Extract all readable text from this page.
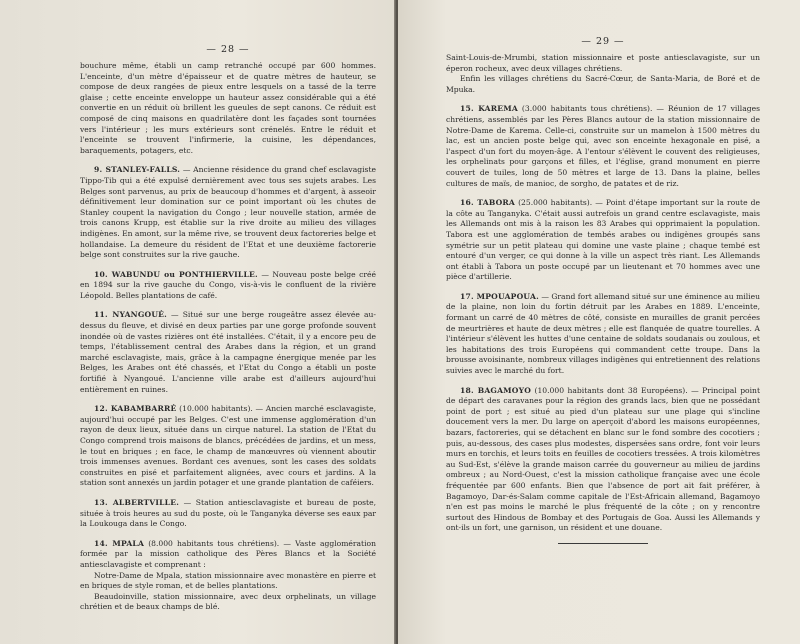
— 28 —

bouchure même, établi un camp retranché occupé par 600 hommes. L'enceinte, d'un mètre d'épaisseur et de quatre mètres de hauteur, se compose de deux rangées de pieux entre lesquels on a tassé de la terre glaise ; cette enceinte enveloppe un hauteur assez considérable qui a été convertie en un réduit où brillent les gueules de sept canons. Ce réduit est composé de cinq maisons en quadrilatère dont les façades sont tournées vers l'intérieur ; les murs extérieurs sont crénelés. Entre le réduit et l'enceinte se trouvent l'infirmerie, la cuisine, les dépendances, baraquements, potagers, etc.

9. STANLEY-FALLS. — Ancienne résidence du grand chef esclavagiste Tippo-Tib qui a été expulsé dernièrement avec tous ses sujets arabes. Les Belges sont parvenus, au prix de beaucoup d'hommes et d'argent, à asseoir définitivement leur domination sur ce point important où les chutes de Stanley coupent la navigation du Congo ; leur nouvelle station, armée de trois canons Krupp, est établie sur la rive droite au milieu des villages indigènes. En amont, sur la même rive, se trouvent deux factoreries belge et hollandaise. La demeure du résident de l'Etat et une deuxième factorerie belge sont construites sur la rive gauche.

10. WABUNDU ou PONTHIERVILLE. — Nouveau poste belge créé en 1894 sur la rive gauche du Congo, vis-à-vis le confluent de la rivière Léopold. Belles plantations de café.

11. NYANGOUÉ. — Situé sur une berge rougeâtre assez élevée au-dessus du fleuve, et divisé en deux parties par une gorge profonde souvent inondée où de vastes rizières ont été installées. C'était, il y a encore peu de temps, l'établissement central des Arabes dans la région, et un grand marché esclavagiste, mais, grâce à la campagne énergique menée par les Belges, les Arabes ont été chassés, et l'Etat du Congo a établi un poste fortifié à Nyangoué. L'ancienne ville arabe est d'ailleurs aujourd'hui entièrement en ruines.

12. KABAMBARRÉ (10.000 habitants). — Ancien marché esclavagiste, aujourd'hui occupé par les Belges. C'est une immense agglomération d'un rayon de deux lieux, située dans un cirque naturel. La station de l'Etat du Congo comprend trois maisons de blancs, précédées de jardins, et un mess, le tout en briques ; en face, le champ de manœuvres où viennent aboutir trois immenses avenues. Bordant ces avenues, sont les cases des soldats construites en pisé et parfaitement alignées, avec cours et jardins. A la station sont annexés un jardin potager et une grande plantation de caféiers.

13. ALBERTVILLE. — Station antiesclavagiste et bureau de poste, située à trois heures au sud du poste, où le Tanganyka déverse ses eaux par la Loukouga dans le Congo.

14. MPALA (8.000 habitants tous chrétiens). — Vaste agglomération formée par la mission catholique des Pères Blancs et la Société antiesclavagiste et comprenant :
Notre-Dame de Mpala, station missionnaire avec monastère en pierre et en briques de style roman, et de belles plantations.
Beaudoinville, station missionnaire, avec deux orphelinats, un village chrétien et de beaux champs de blé.

— 29 —

Saint-Louis-de-Mrumbi, station missionnaire et poste antiesclavagiste, sur un éperon rocheux, avec deux villages chrétiens.
Enfin les villages chrétiens du Sacré-Cœur, de Santa-Maria, de Boré et de Mpuka.

15. KAREMA (3.000 habitants tous chrétiens). — Réunion de 17 villages chrétiens, assemblés par les Pères Blancs autour de la station missionnaire de Notre-Dame de Karema. Celle-ci, construite sur un mamelon à 1500 mètres du lac, est un ancien poste belge qui, avec son enceinte hexagonale en pisé, a l'aspect d'un fort du moyen-âge. A l'entour s'élèvent le couvent des religieuses, les orphelinats pour garçons et filles, et l'église, grand monument en pierre couvert de tuiles, long de 50 mètres et large de 13. Dans la plaine, belles cultures de maïs, de manioc, de sorgho, de patates et de riz.

16. TABORA (25.000 habitants). — Point d'étape important sur la route de la côte au Tanganyka. C'était aussi autrefois un grand centre esclavagiste, mais les Allemands ont mis à la raison les 83 Arabes qui opprimaient la population. Tabora est une agglomération de tembés arabes ou indigènes groupés sans symétrie sur un petit plateau qui domine une vaste plaine ; chaque tembé est entouré d'un verger, ce qui donne à la ville un aspect très riant. Les Allemands ont établi à Tabora un poste occupé par un lieutenant et 70 hommes avec une pièce d'artillerie.

17. MPOUAPOUA. — Grand fort allemand situé sur une éminence au milieu de la plaine, non loin du fortin détruit par les Arabes en 1889. L'enceinte, formant un carré de 40 mètres de côté, consiste en murailles de granit percées de meurtrières et haute de deux mètres ; elle est flanquée de quatre tourelles. A l'intérieur s'élèvent les huttes d'une centaine de soldats soudanais ou zoulous, et les habitations des trois Européens qui commandent cette troupe. Dans la brousse avoisinante, nombreux villages indigènes qui entretiennent des relations suivies avec le marché du fort.

18. BAGAMOYO (10.000 habitants dont 38 Européens). — Principal point de départ des caravanes pour la région des grands lacs, bien que ne possédant point de port ; est situé au pied d'un plateau sur une plage qui s'incline doucement vers la mer. Du large on aperçoit d'abord les maisons européennes, bazars, factoreries, qui se détachent en blanc sur le fond sombre des cocotiers ; puis, au-dessous, des cases plus modestes, dispersées sans ordre, font voir leurs murs en torchis, et leurs toits en feuilles de cocotiers tressées. A trois kilomètres au Sud-Est, s'élève la grande maison carrée du gouverneur au milieu de jardins ombreux ; au Nord-Ouest, c'est la mission catholique française avec une école fréquentée par 600 enfants. Bien que l'absence de port ait fait préférer, à Bagamoyo, Dar-és-Salam comme capitale de l'Est-Africain allemand, Bagamoyo n'en est pas moins le marché le plus fréquenté de la côte ; on y rencontre surtout des Hindous de Bombay et des Portugais de Goa. Aussi les Allemands y ont-ils un fort, une garnison, un résident et une douane.
